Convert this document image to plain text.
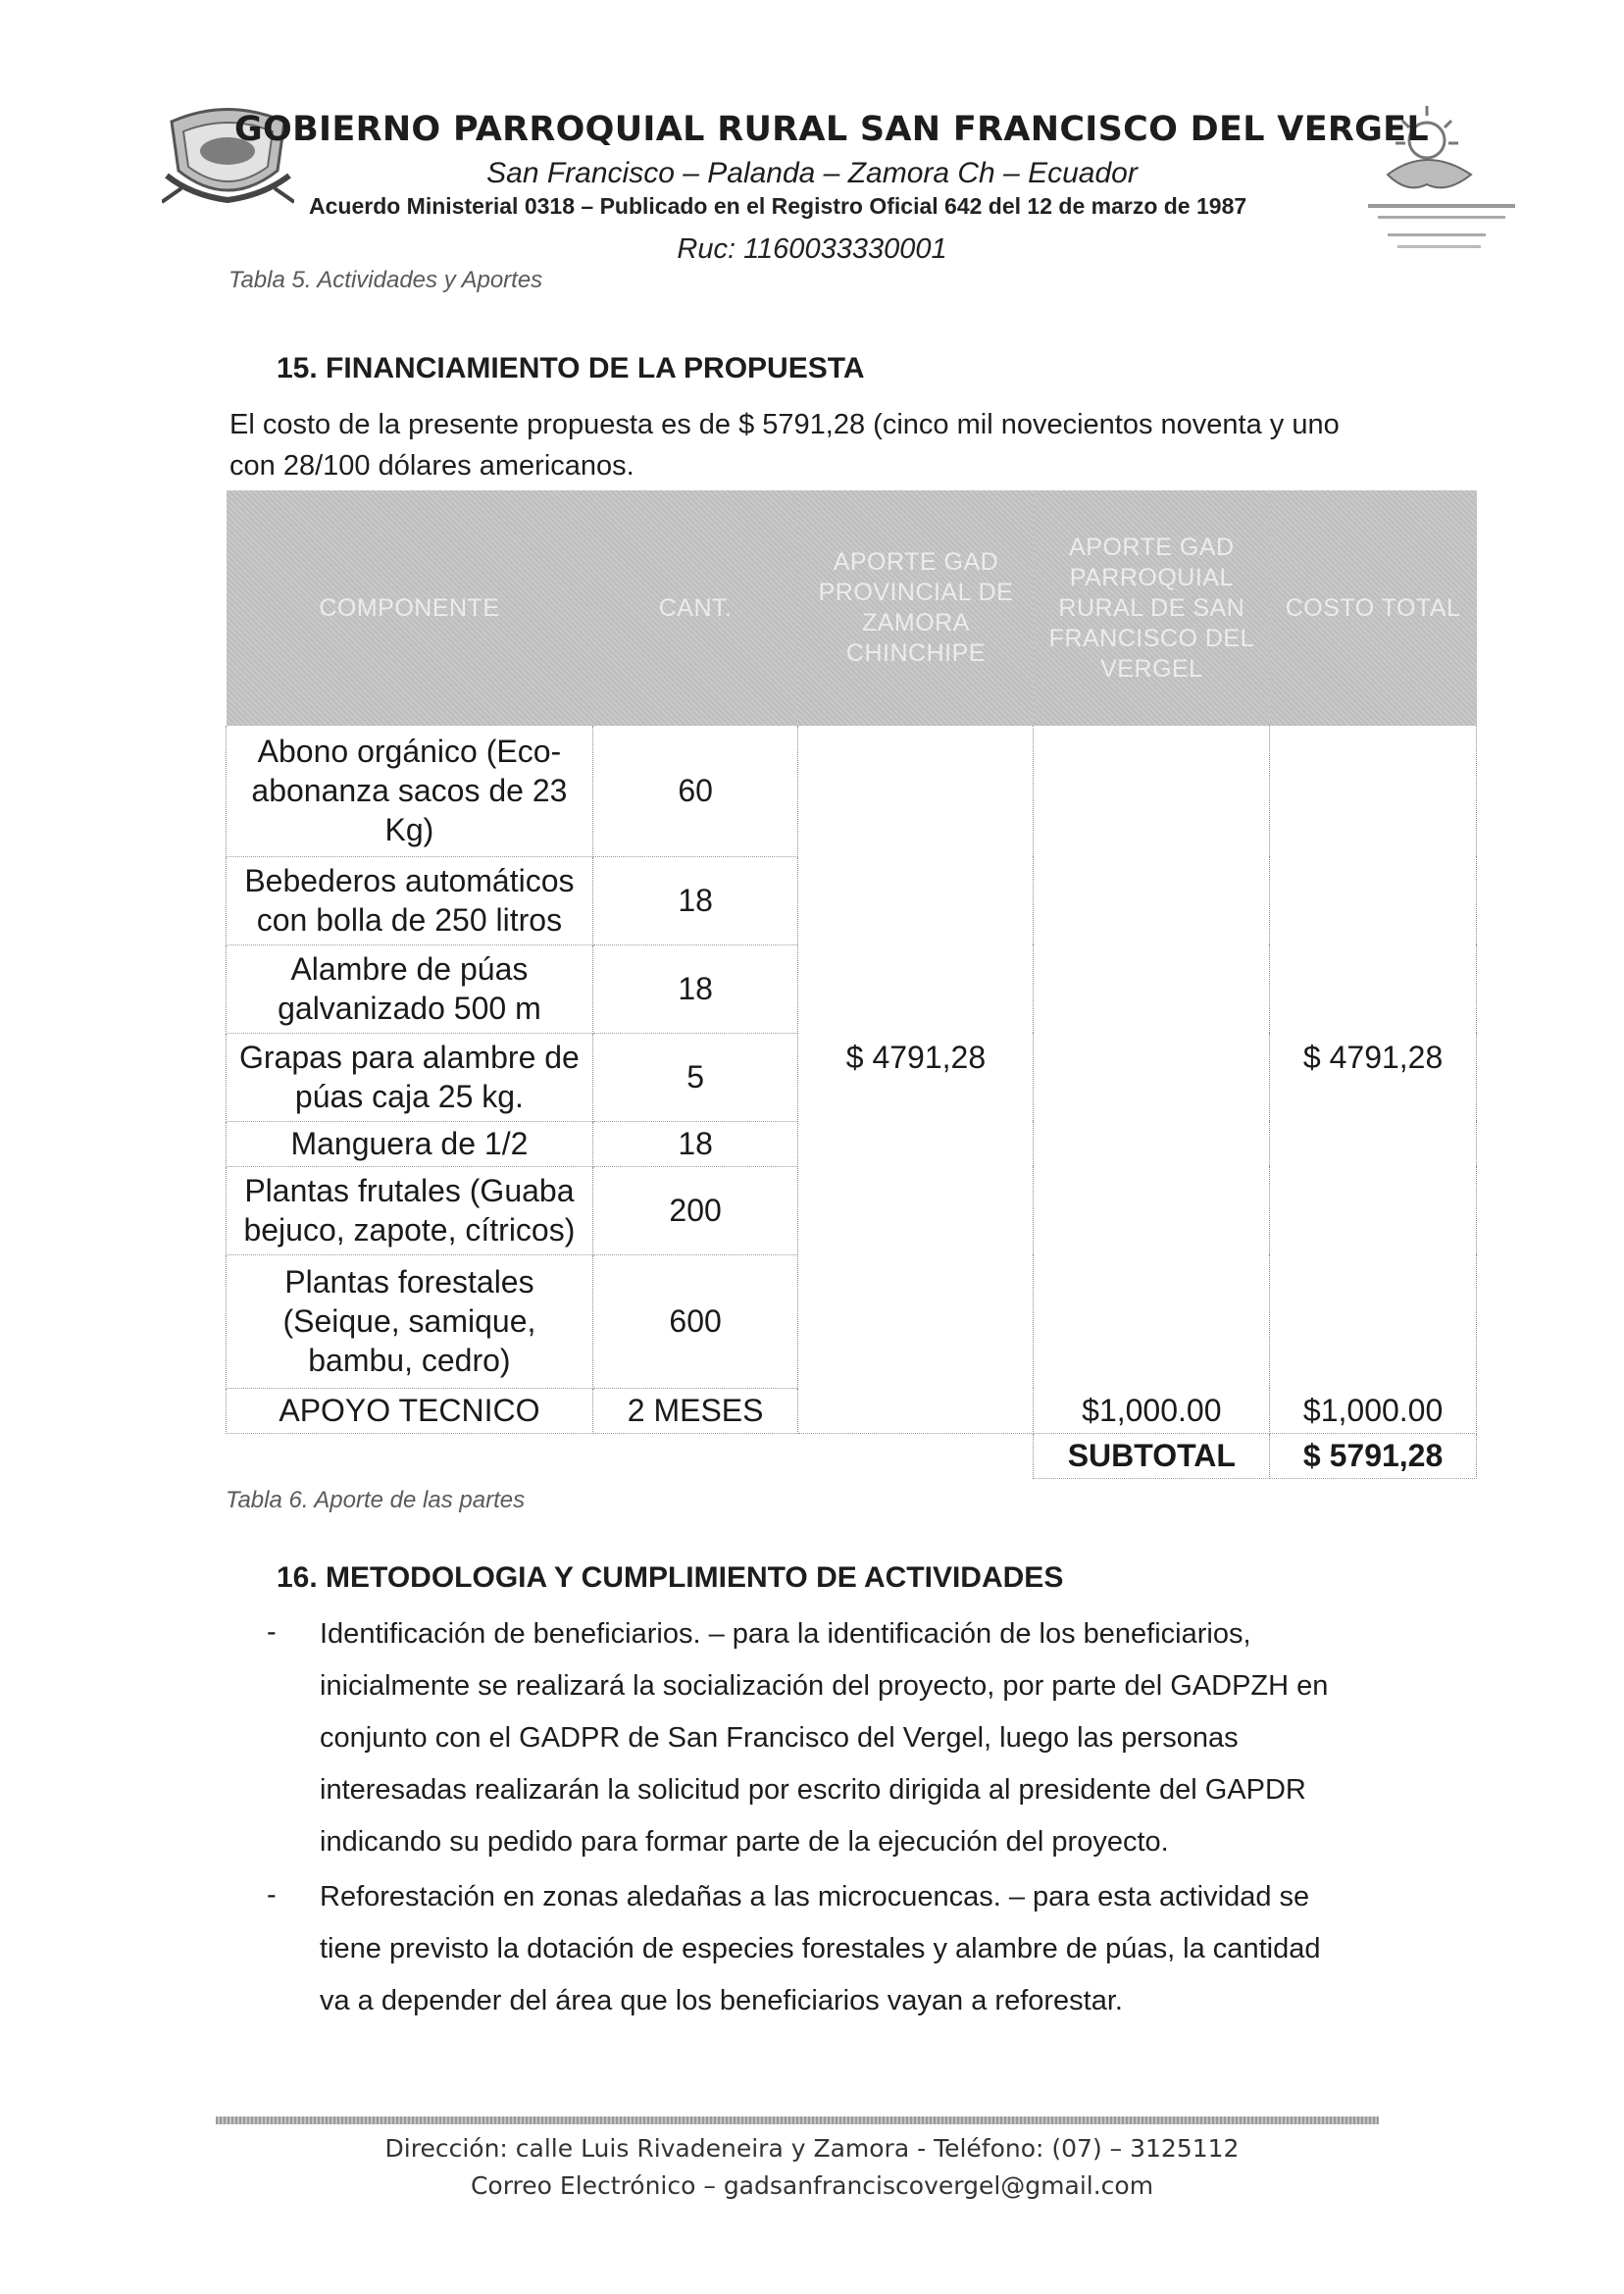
GOBIERNO PARROQUIAL RURAL SAN FRANCISCO DEL VERGEL
San Francisco – Palanda – Zamora Ch – Ecuador
Acuerdo Ministerial 0318 – Publicado en el Registro Oficial 642 del 12 de marzo de 1987
Ruc: 1160033330001
Tabla 5. Actividades y Aportes
15. FINANCIAMIENTO DE LA PROPUESTA
El costo de la presente propuesta es de $ 5791,28 (cinco mil novecientos noventa y uno con 28/100 dólares americanos.
COMPONENTE	CANT.	APORTE GAD PROVINCIAL DE ZAMORA CHINCHIPE	APORTE GAD PARROQUIAL RURAL DE SAN FRANCISCO DEL VERGEL	COSTO TOTAL
Abono orgánico (Eco-abonanza sacos de 23 Kg)	60	$ 4791,28		$ 4791,28
Bebederos automáticos con bolla de 250 litros	18			
Alambre de púas galvanizado 500 m	18			
Grapas para alambre de púas caja 25 kg.	5			
Manguera de 1/2	18			
Plantas frutales (Guaba bejuco, zapote, cítricos)	200			
Plantas forestales (Seique, samique, bambu, cedro)	600			
APOYO TECNICO	2 MESES		$1,000.00	$1,000.00
			SUBTOTAL	$ 5791,28
Tabla 6. Aporte de las partes
16. METODOLOGIA Y CUMPLIMIENTO DE ACTIVIDADES
- Identificación de beneficiarios. – para la identificación de los beneficiarios, inicialmente se realizará la socialización del proyecto, por parte del GADPZH en conjunto con el GADPR de San Francisco del Vergel, luego las personas interesadas realizarán la solicitud por escrito dirigida al presidente del GAPDR indicando su pedido para formar parte de la ejecución del proyecto.
- Reforestación en zonas aledañas a las microcuencas. – para esta actividad se tiene previsto la dotación de especies forestales y alambre de púas, la cantidad va a depender del área que los beneficiarios vayan a reforestar.
Dirección: calle Luis Rivadeneira y Zamora - Teléfono: (07) – 3125112
Correo Electrónico – gadsanfranciscovergel@gmail.com
